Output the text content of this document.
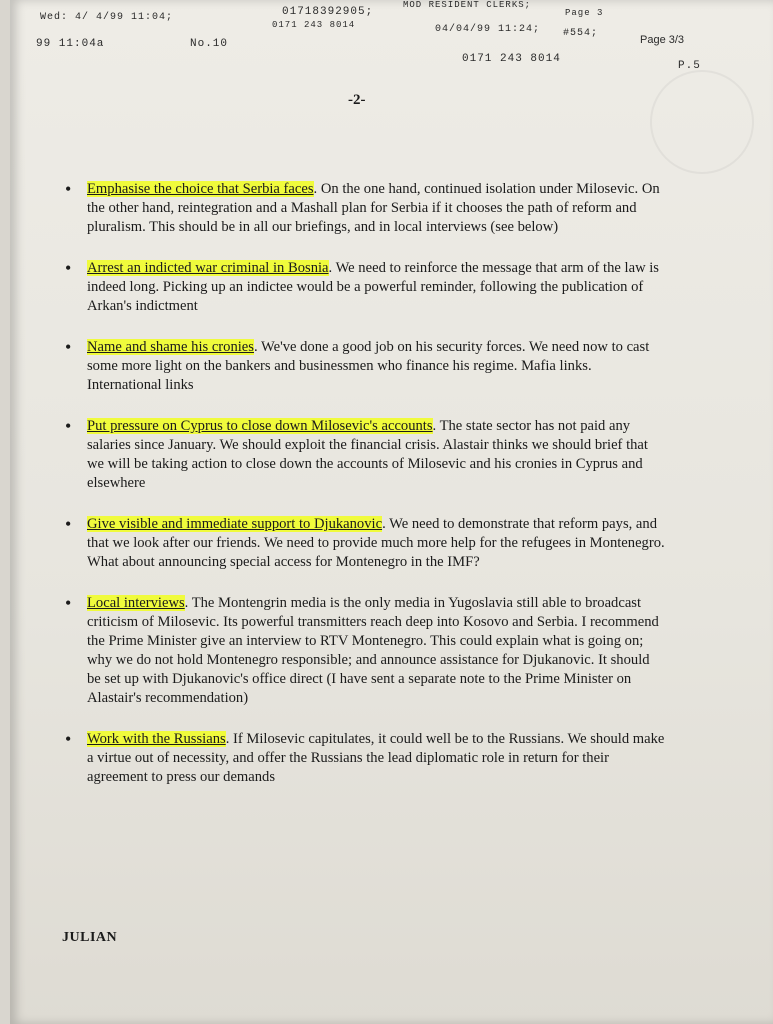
Wed: 4/ 4/99 11:04;	01718392905;
MOD RESIDENT CLERKS;
Page 3
0171 243 8014	04/04/99 11:24; #554;
Page 3/3
99 11:04a	No.10
0171 243 8014
P.5
-2-
• Emphasise the choice that Serbia faces. On the one hand, continued isolation under Milosevic. On the other hand, reintegration and a Mashall plan for Serbia if it chooses the path of reform and pluralism. This should be in all our briefings, and in local interviews (see below)
• Arrest an indicted war criminal in Bosnia. We need to reinforce the message that arm of the law is indeed long. Picking up an indictee would be a powerful reminder, following the publication of Arkan's indictment
• Name and shame his cronies. We've done a good job on his security forces. We need now to cast some more light on the bankers and businessmen who finance his regime. Mafia links. International links
• Put pressure on Cyprus to close down Milosevic's accounts. The state sector has not paid any salaries since January. We should exploit the financial crisis. Alastair thinks we should brief that we will be taking action to close down the accounts of Milosevic and his cronies in Cyprus and elsewhere
• Give visible and immediate support to Djukanovic. We need to demonstrate that reform pays, and that we look after our friends. We need to provide much more help for the refugees in Montenegro. What about announcing special access for Montenegro in the IMF?
• Local interviews. The Montengrin media is the only media in Yugoslavia still able to broadcast criticism of Milosevic. Its powerful transmitters reach deep into Kosovo and Serbia. I recommend the Prime Minister give an interview to RTV Montenegro. This could explain what is going on; why we do not hold Montenegro responsible; and announce assistance for Djukanovic. It should be set up with Djukanovic's office direct (I have sent a separate note to the Prime Minister on Alastair's recommendation)
• Work with the Russians. If Milosevic capitulates, it could well be to the Russians. We should make a virtue out of necessity, and offer the Russians the lead diplomatic role in return for their agreement to press our demands
JULIAN
